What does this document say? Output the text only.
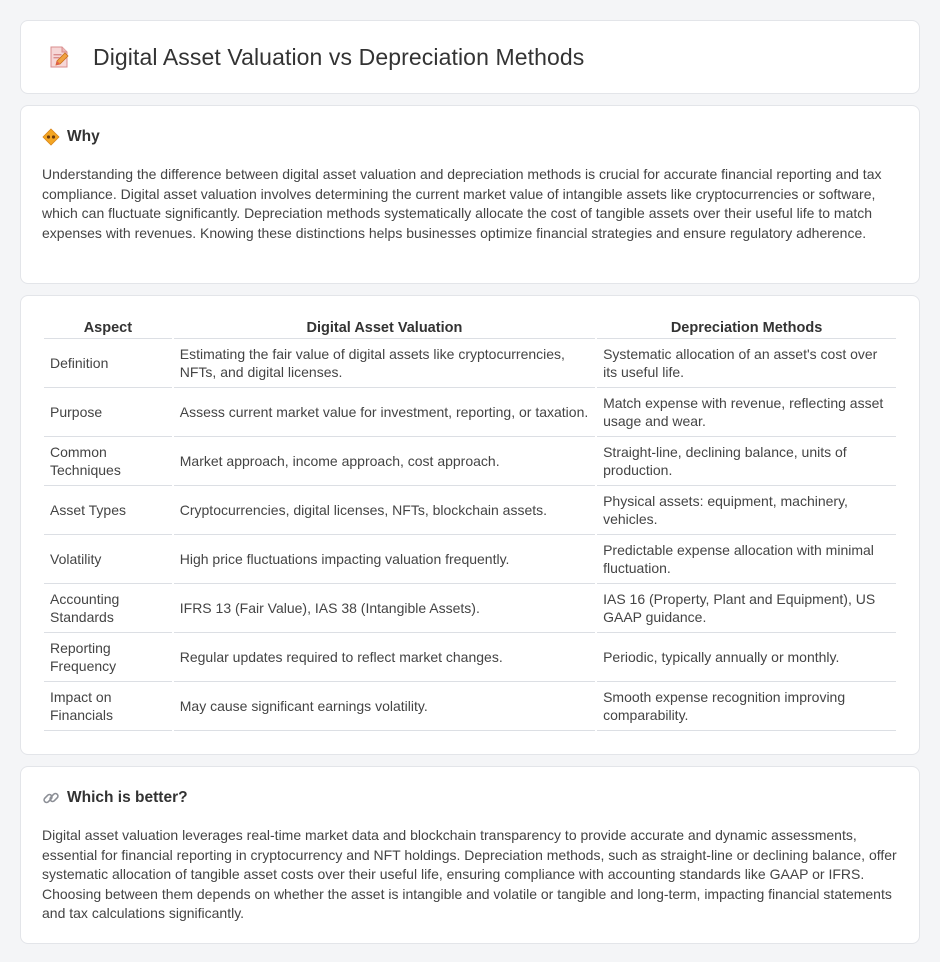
Digital Asset Valuation vs Depreciation Methods
Why

Understanding the difference between digital asset valuation and depreciation methods is crucial for accurate financial reporting and tax compliance. Digital asset valuation involves determining the current market value of intangible assets like cryptocurrencies or software, which can fluctuate significantly. Depreciation methods systematically allocate the cost of tangible assets over their useful life to match expenses with revenues. Knowing these distinctions helps businesses optimize financial strategies and ensure regulatory adherence.

Aspect	Digital Asset Valuation	Depreciation Methods
Definition	Estimating the fair value of digital assets like cryptocurrencies, NFTs, and digital licenses.	Systematic allocation of an asset's cost over its useful life.
Purpose	Assess current market value for investment, reporting, or taxation.	Match expense with revenue, reflecting asset usage and wear.
Common Techniques	Market approach, income approach, cost approach.	Straight-line, declining balance, units of production.
Asset Types	Cryptocurrencies, digital licenses, NFTs, blockchain assets.	Physical assets: equipment, machinery, vehicles.
Volatility	High price fluctuations impacting valuation frequently.	Predictable expense allocation with minimal fluctuation.
Accounting Standards	IFRS 13 (Fair Value), IAS 38 (Intangible Assets).	IAS 16 (Property, Plant and Equipment), US GAAP guidance.
Reporting Frequency	Regular updates required to reflect market changes.	Periodic, typically annually or monthly.
Impact on Financials	May cause significant earnings volatility.	Smooth expense recognition improving comparability.
Which is better?

Digital asset valuation leverages real-time market data and blockchain transparency to provide accurate and dynamic assessments, essential for financial reporting in cryptocurrency and NFT holdings. Depreciation methods, such as straight-line or declining balance, offer systematic allocation of tangible asset costs over their useful life, ensuring compliance with accounting standards like GAAP or IFRS. Choosing between them depends on whether the asset is intangible and volatile or tangible and long-term, impacting financial statements and tax calculations significantly.
